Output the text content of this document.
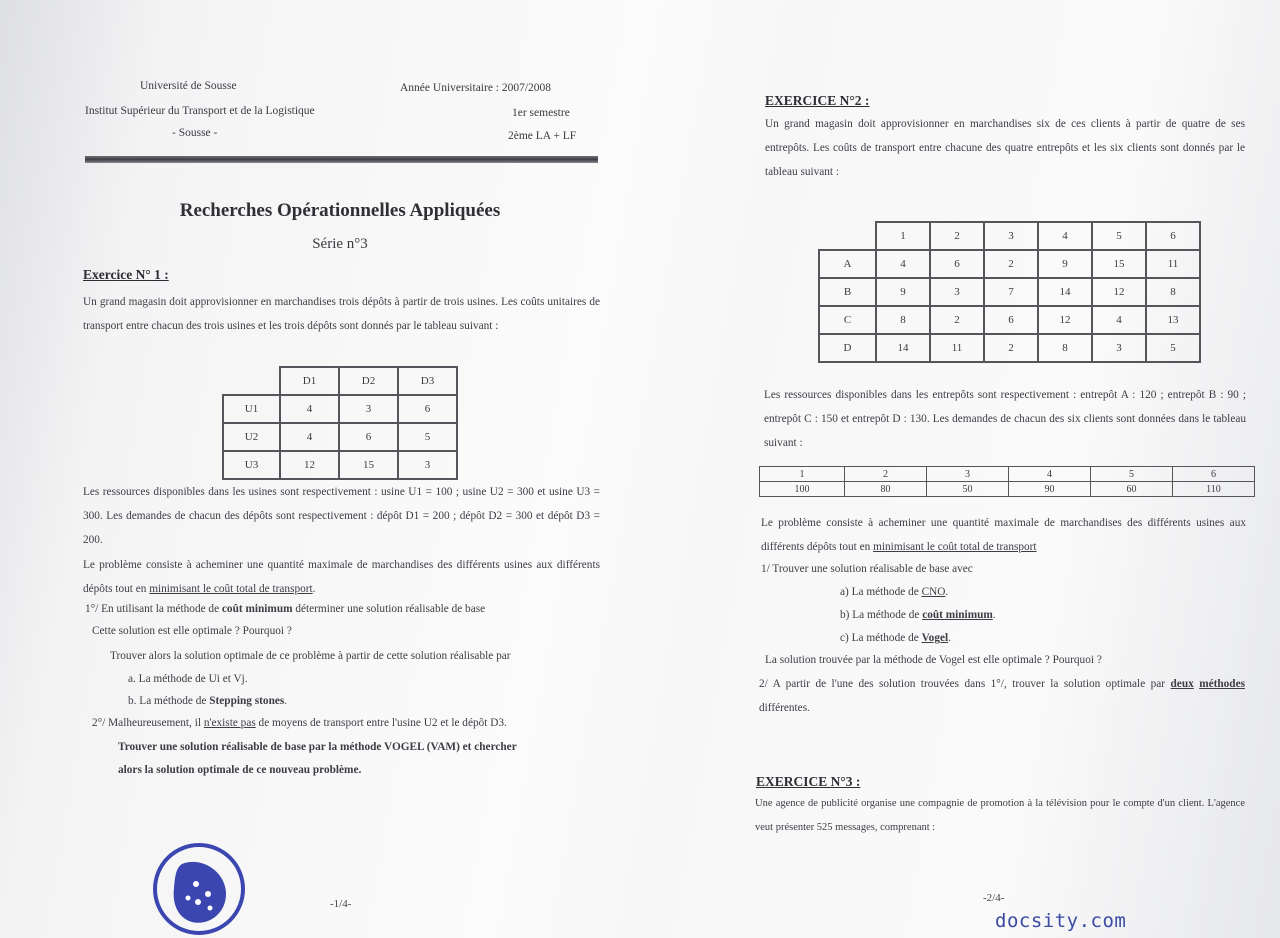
Université de Sousse
Institut Supérieur du Transport et de la Logistique
- Sousse -
Année Universitaire : 2007/2008
1er semestre
2ème LA + LF
Recherches Opérationnelles Appliquées
Série n°3
Exercice N° 1 :
Un grand magasin doit approvisionner en marchandises trois dépôts à partir de trois usines. Les coûts unitaires de transport entre chacun des trois usines et les trois dépôts sont donnés par le tableau suivant :
	D1	D2	D3
U1	4	3	6
U2	4	6	5
U3	12	15	3
Les ressources disponibles dans les usines sont respectivement : usine U1 = 100 ; usine U2 = 300 et usine U3 = 300. Les demandes de chacun des dépôts sont respectivement : dépôt D1 = 200 ; dépôt D2 = 300 et dépôt D3 = 200.
Le problème consiste à acheminer une quantité maximale de marchandises des différents usines aux différents dépôts tout en minimisant le coût total de transport.
1°/ En utilisant la méthode de coût minimum déterminer une solution réalisable de base
Cette solution est elle optimale ? Pourquoi ?
Trouver alors la solution optimale de ce problème à partir de cette solution réalisable par
a. La méthode de Ui et Vj.
b. La méthode de Stepping stones.
2°/ Malheureusement, il n'existe pas de moyens de transport entre l'usine U2 et le dépôt D3.
Trouver une solution réalisable de base par la méthode VOGEL (VAM) et chercher
alors la solution optimale de ce nouveau problème.
-1/4-
EXERCICE N°2 :
Un grand magasin doit approvisionner en marchandises six de ces clients à partir de quatre de ses entrepôts. Les coûts de transport entre chacune des quatre entrepôts et les six clients sont donnés par le tableau suivant :
	1	2	3	4	5	6
A	4	6	2	9	15	11
B	9	3	7	14	12	8
C	8	2	6	12	4	13
D	14	11	2	8	3	5
Les ressources disponibles dans les entrepôts sont respectivement : entrepôt A : 120 ; entrepôt B : 90 ; entrepôt C : 150 et entrepôt D : 130. Les demandes de chacun des six clients sont données dans le tableau suivant :
1	2	3	4	5	6
100	80	50	90	60	110
Le problème consiste à acheminer une quantité maximale de marchandises des différents usines aux différents dépôts tout en minimisant le coût total de transport
1/ Trouver une solution réalisable de base avec
a) La méthode de CNO.
b) La méthode de coût minimum.
c) La méthode de Vogel.
La solution trouvée par la méthode de Vogel est elle optimale ? Pourquoi ?
2/ A partir de l'une des solution trouvées dans 1°/, trouver la solution optimale par deux méthodes différentes.
EXERCICE N°3 :
Une agence de publicité organise une compagnie de promotion à la télévision pour le compte d'un client. L'agence veut présenter 525 messages, comprenant :
-2/4-
docsity.com
